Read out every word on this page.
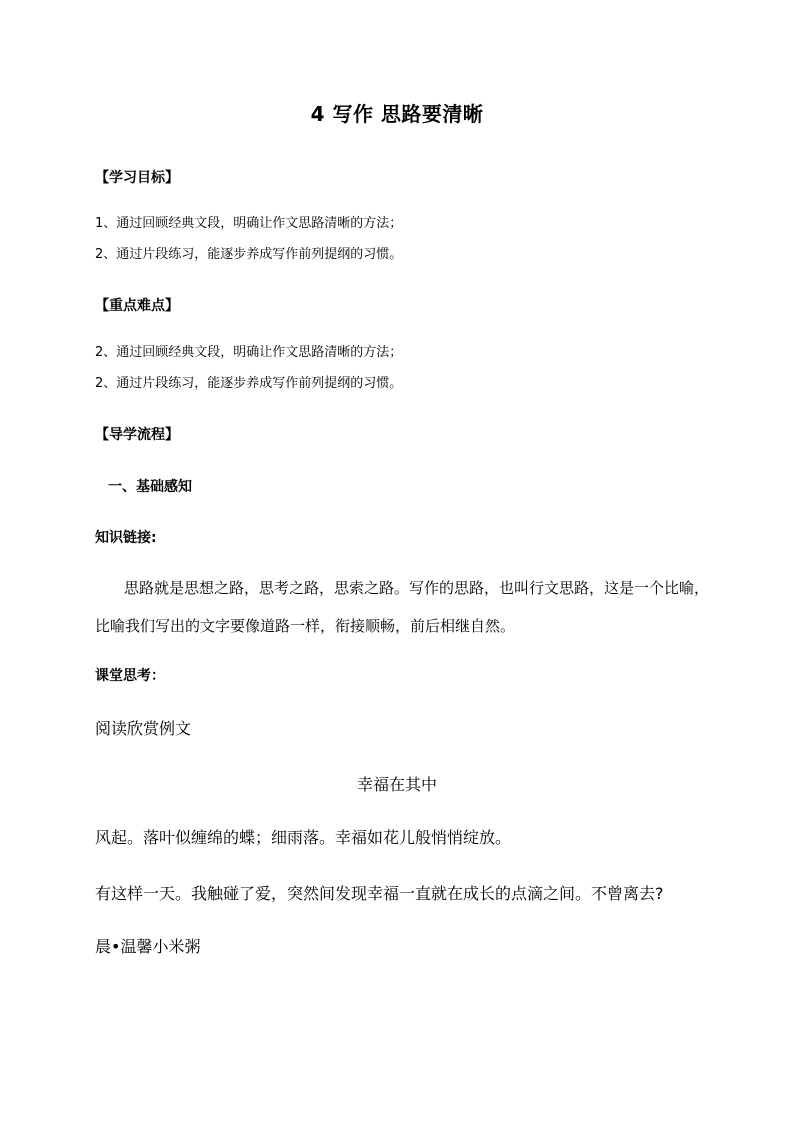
4 写作 思路要清晰
【学习目标】
1、通过回顾经典文段，明确让作文思路清晰的方法；
2、通过片段练习，能逐步养成写作前列提纲的习惯。
【重点难点】
2、通过回顾经典文段，明确让作文思路清晰的方法；
2、通过片段练习，能逐步养成写作前列提纲的习惯。
【导学流程】
一、基础感知
知识链接:
思路就是思想之路，思考之路，思索之路。写作的思路，也叫行文思路，这是一个比喻，
比喻我们写出的文字要像道路一样，衔接顺畅，前后相继自然。
课堂思考：
阅读欣赏例文
幸福在其中
风起。落叶似缠绵的蝶；细雨落。幸福如花儿般悄悄绽放。
有这样一天。我触碰了爱，突然间发现幸福一直就在成长的点滴之间。不曾离去?
晨•温馨小米粥
